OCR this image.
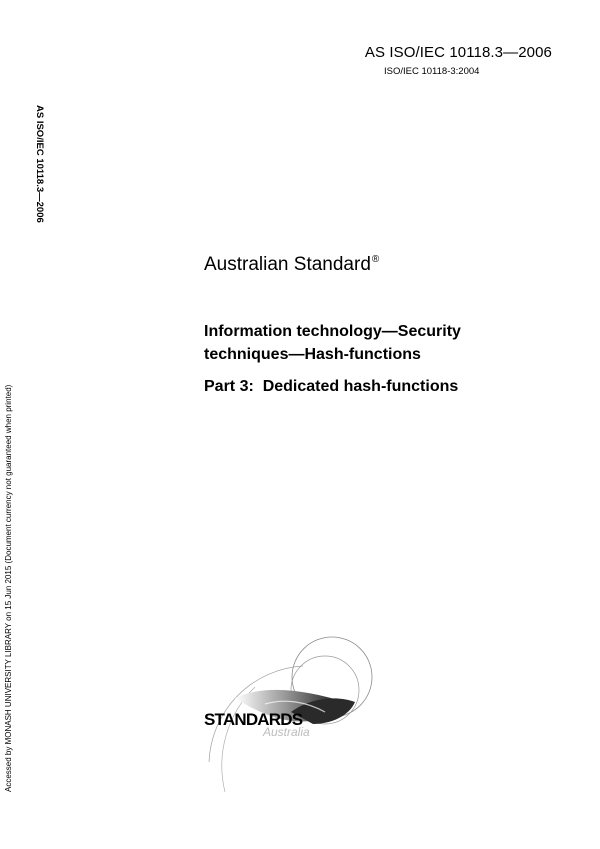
AS ISO/IEC 10118.3—2006
ISO/IEC 10118-3:2004
AS ISO/IEC 10118.3—2006
Accessed by MONASH UNIVERSITY LIBRARY on 15 Jun 2015 (Document currency not guaranteed when printed)
Australian Standard®
Information technology—Security
techniques—Hash-functions
Part 3:  Dedicated hash-functions
STANDARDS
Australia
